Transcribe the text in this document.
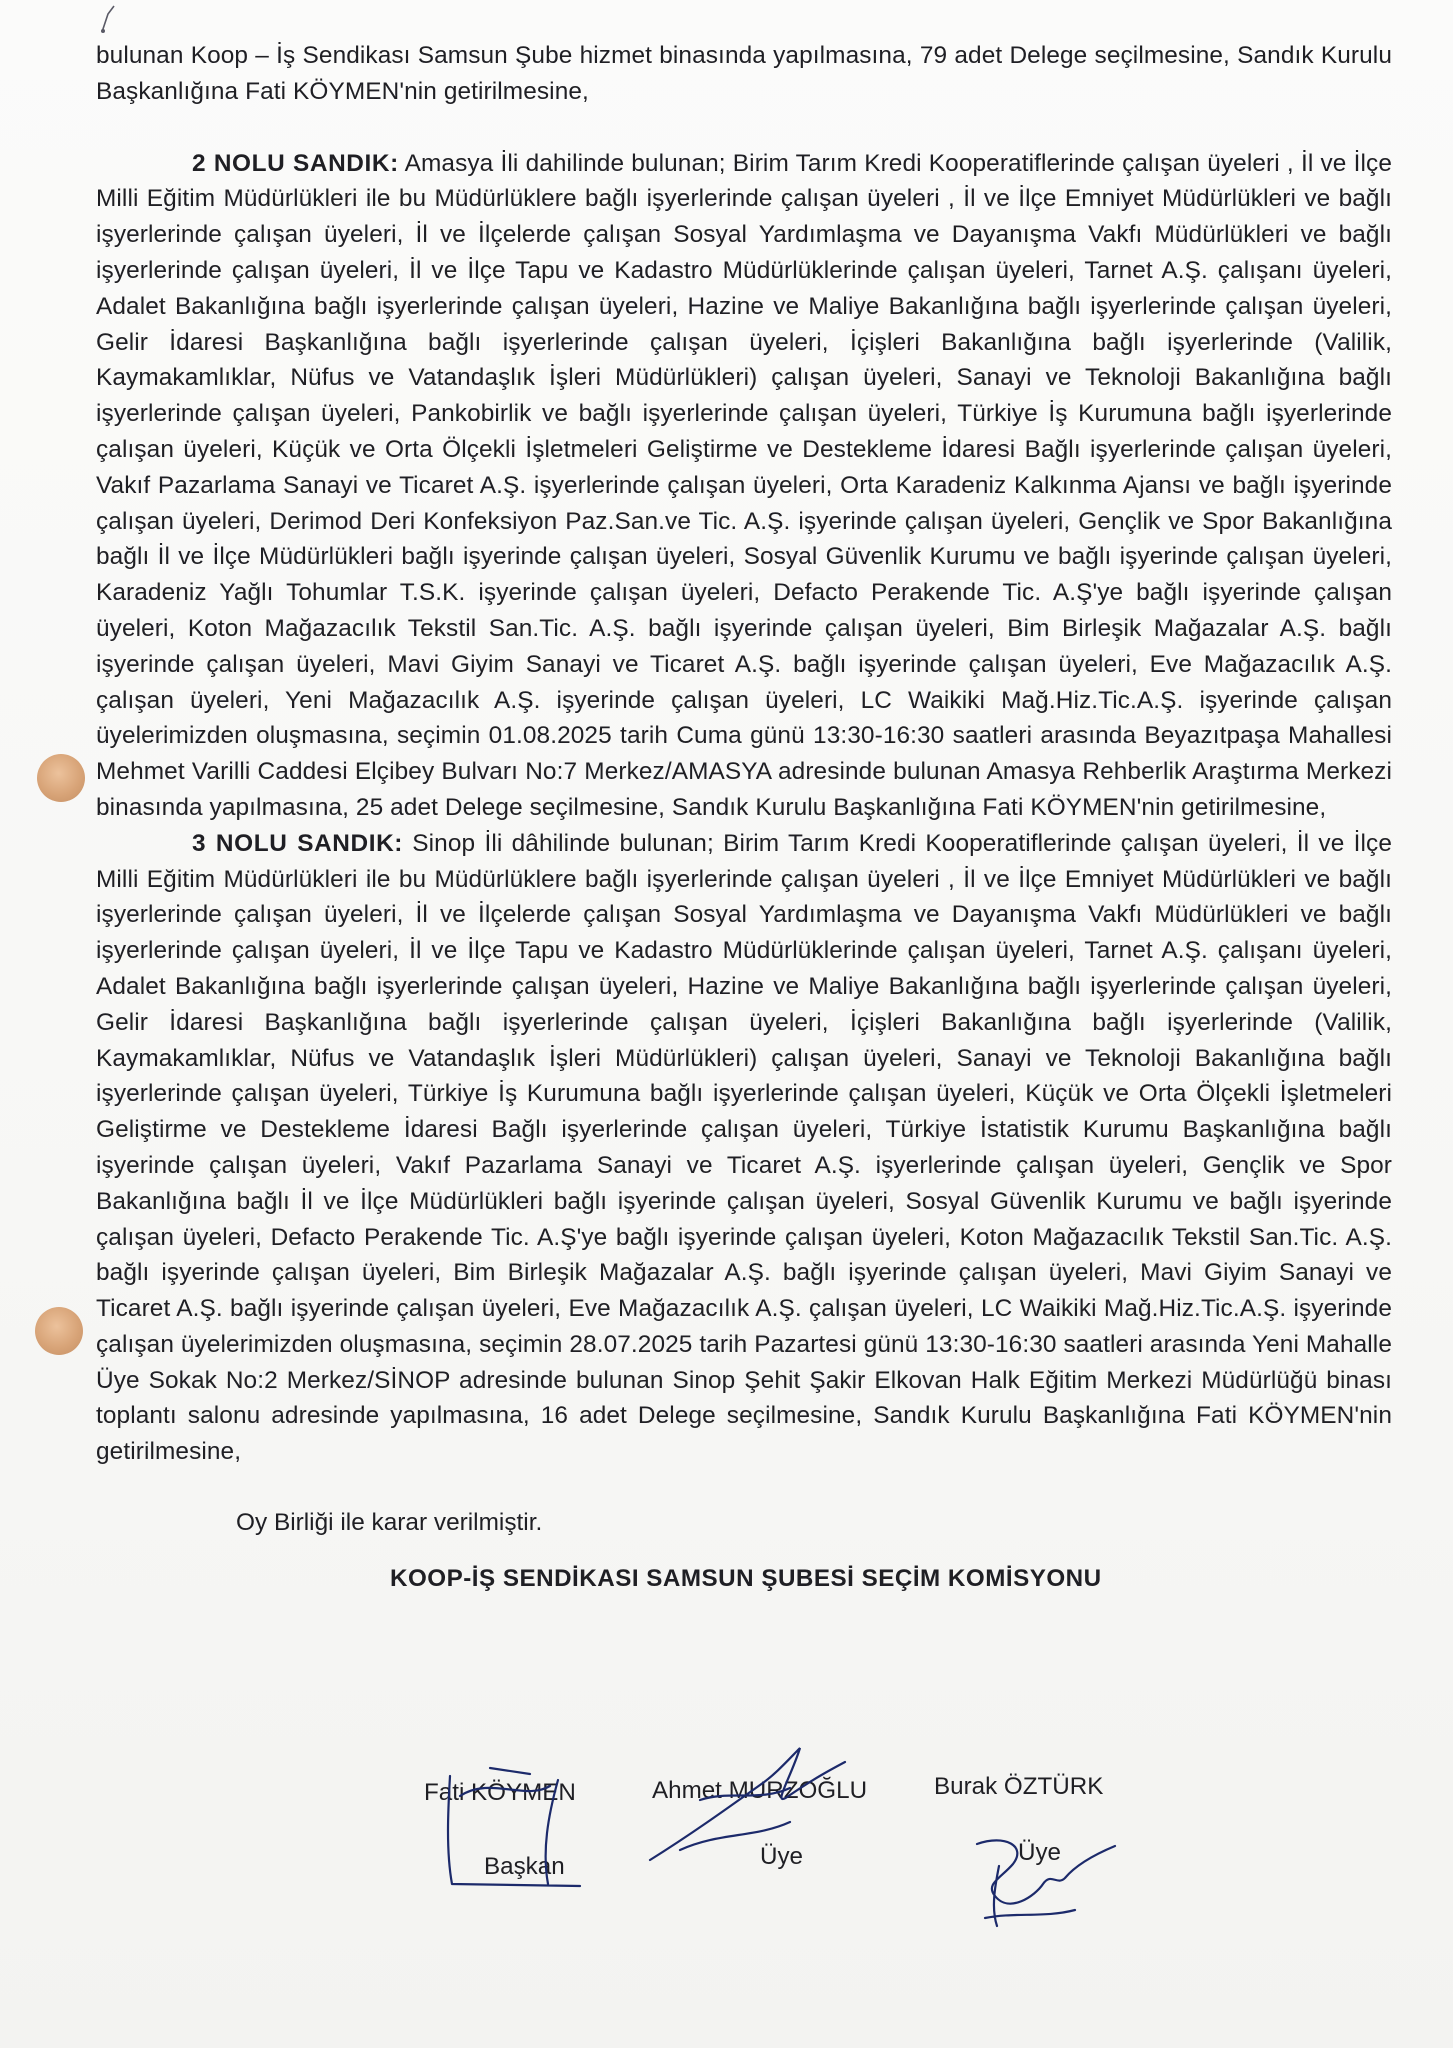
bulunan Koop – İş Sendikası Samsun Şube hizmet binasında yapılmasına, 79 adet Delege seçilmesine, Sandık Kurulu Başkanlığına Fati KÖYMEN'nin getirilmesine,

2 NOLU SANDIK: Amasya İli dahilinde bulunan; Birim Tarım Kredi Kooperatiflerinde çalışan üyeleri , İl ve İlçe Milli Eğitim Müdürlükleri ile bu Müdürlüklere bağlı işyerlerinde çalışan üyeleri , İl ve İlçe Emniyet Müdürlükleri ve bağlı işyerlerinde çalışan üyeleri, İl ve İlçelerde çalışan Sosyal Yardımlaşma ve Dayanışma Vakfı Müdürlükleri ve bağlı işyerlerinde çalışan üyeleri, İl ve İlçe Tapu ve Kadastro Müdürlüklerinde çalışan üyeleri, Tarnet A.Ş. çalışanı üyeleri, Adalet Bakanlığına bağlı işyerlerinde çalışan üyeleri, Hazine ve Maliye Bakanlığına bağlı işyerlerinde çalışan üyeleri, Gelir İdaresi Başkanlığına bağlı işyerlerinde çalışan üyeleri, İçişleri Bakanlığına bağlı işyerlerinde (Valilik, Kaymakamlıklar, Nüfus ve Vatandaşlık İşleri Müdürlükleri) çalışan üyeleri, Sanayi ve Teknoloji Bakanlığına bağlı işyerlerinde çalışan üyeleri, Pankobirlik ve bağlı işyerlerinde çalışan üyeleri, Türkiye İş Kurumuna bağlı işyerlerinde çalışan üyeleri, Küçük ve Orta Ölçekli İşletmeleri Geliştirme ve Destekleme İdaresi Bağlı işyerlerinde çalışan üyeleri, Vakıf Pazarlama Sanayi ve Ticaret A.Ş. işyerlerinde çalışan üyeleri, Orta Karadeniz Kalkınma Ajansı ve bağlı işyerinde çalışan üyeleri, Derimod Deri Konfeksiyon Paz.San.ve Tic. A.Ş. işyerinde çalışan üyeleri, Gençlik ve Spor Bakanlığına bağlı İl ve İlçe Müdürlükleri bağlı işyerinde çalışan üyeleri, Sosyal Güvenlik Kurumu ve bağlı işyerinde çalışan üyeleri, Karadeniz Yağlı Tohumlar T.S.K. işyerinde çalışan üyeleri, Defacto Perakende Tic. A.Ş'ye bağlı işyerinde çalışan üyeleri, Koton Mağazacılık Tekstil San.Tic. A.Ş. bağlı işyerinde çalışan üyeleri, Bim Birleşik Mağazalar A.Ş. bağlı işyerinde çalışan üyeleri, Mavi Giyim Sanayi ve Ticaret A.Ş. bağlı işyerinde çalışan üyeleri, Eve Mağazacılık A.Ş. çalışan üyeleri, Yeni Mağazacılık A.Ş. işyerinde çalışan üyeleri, LC Waikiki Mağ.Hiz.Tic.A.Ş. işyerinde çalışan üyelerimizden oluşmasına, seçimin 01.08.2025 tarih Cuma günü 13:30-16:30 saatleri arasında Beyazıtpaşa Mahallesi Mehmet Varilli Caddesi Elçibey Bulvarı No:7 Merkez/AMASYA adresinde bulunan Amasya Rehberlik Araştırma Merkezi binasında yapılmasına, 25 adet Delege seçilmesine, Sandık Kurulu Başkanlığına Fati KÖYMEN'nin getirilmesine,

3 NOLU SANDIK: Sinop İli dâhilinde bulunan; Birim Tarım Kredi Kooperatiflerinde çalışan üyeleri, İl ve İlçe Milli Eğitim Müdürlükleri ile bu Müdürlüklere bağlı işyerlerinde çalışan üyeleri , İl ve İlçe Emniyet Müdürlükleri ve bağlı işyerlerinde çalışan üyeleri, İl ve İlçelerde çalışan Sosyal Yardımlaşma ve Dayanışma Vakfı Müdürlükleri ve bağlı işyerlerinde çalışan üyeleri, İl ve İlçe Tapu ve Kadastro Müdürlüklerinde çalışan üyeleri, Tarnet A.Ş. çalışanı üyeleri, Adalet Bakanlığına bağlı işyerlerinde çalışan üyeleri, Hazine ve Maliye Bakanlığına bağlı işyerlerinde çalışan üyeleri, Gelir İdaresi Başkanlığına bağlı işyerlerinde çalışan üyeleri, İçişleri Bakanlığına bağlı işyerlerinde (Valilik, Kaymakamlıklar, Nüfus ve Vatandaşlık İşleri Müdürlükleri) çalışan üyeleri, Sanayi ve Teknoloji Bakanlığına bağlı işyerlerinde çalışan üyeleri, Türkiye İş Kurumuna bağlı işyerlerinde çalışan üyeleri, Küçük ve Orta Ölçekli İşletmeleri Geliştirme ve Destekleme İdaresi Bağlı işyerlerinde çalışan üyeleri, Türkiye İstatistik Kurumu Başkanlığına bağlı işyerinde çalışan üyeleri, Vakıf Pazarlama Sanayi ve Ticaret A.Ş. işyerlerinde çalışan üyeleri, Gençlik ve Spor Bakanlığına bağlı İl ve İlçe Müdürlükleri bağlı işyerinde çalışan üyeleri, Sosyal Güvenlik Kurumu ve bağlı işyerinde çalışan üyeleri, Defacto Perakende Tic. A.Ş'ye bağlı işyerinde çalışan üyeleri, Koton Mağazacılık Tekstil San.Tic. A.Ş. bağlı işyerinde çalışan üyeleri, Bim Birleşik Mağazalar A.Ş. bağlı işyerinde çalışan üyeleri, Mavi Giyim Sanayi ve Ticaret A.Ş. bağlı işyerinde çalışan üyeleri, Eve Mağazacılık A.Ş. çalışan üyeleri, LC Waikiki Mağ.Hiz.Tic.A.Ş. işyerinde çalışan üyelerimizden oluşmasına, seçimin 28.07.2025 tarih Pazartesi günü 13:30-16:30 saatleri arasında Yeni Mahalle Üye Sokak No:2 Merkez/SİNOP adresinde bulunan Sinop Şehit Şakir Elkovan Halk Eğitim Merkezi Müdürlüğü binası toplantı salonu adresinde yapılmasına, 16 adet Delege seçilmesine, Sandık Kurulu Başkanlığına Fati KÖYMEN'nin getirilmesine,

Oy Birliği ile karar verilmiştir.

KOOP-İŞ SENDİKASI SAMSUN ŞUBESİ SEÇİM KOMİSYONU

Fati KÖYMEN
Başkan
Ahmet MURZOĞLU
Üye
Burak ÖZTÜRK
Üye
